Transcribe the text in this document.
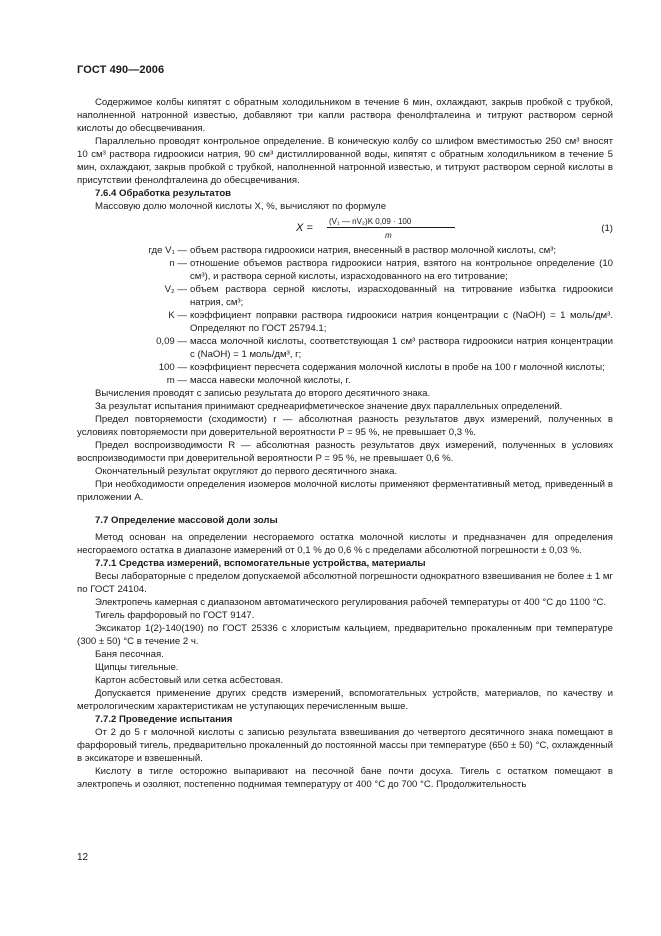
ГОСТ 490—2006

Содержимое колбы кипятят с обратным холодильником в течение 6 мин, охлаждают, закрыв пробкой с трубкой, наполненной натронной известью, добавляют три капли раствора фенолфталеина и титруют раствором серной кислоты до обесцвечивания.

Параллельно проводят контрольное определение. В коническую колбу со шлифом вместимостью 250 см³ вносят 10 см³ раствора гидроокиси натрия, 90 см³ дистиллированной воды, кипятят с обратным холодильником в течение 5 мин, охлаждают, закрыв пробкой с трубкой, наполненной натронной известью, и титруют раствором серной кислоты в присутствии фенолфталеина до обесцвечивания.

7.6.4 Обработка результатов

Массовую долю молочной кислоты X, %, вычисляют по формуле

X =
(V₁ — nV₂)K 0,09 · 100
m
(1)
где V₁ — объем раствора гидроокиси натрия, внесенный в раствор молочной кислоты, см³;
n — отношение объемов раствора гидроокиси натрия, взятого на контрольное определение (10 см³), и раствора серной кислоты, израсходованного на его титрование;
V₂ — объем раствора серной кислоты, израсходованный на титрование избытка гидроокиси натрия, см³;
K — коэффициент поправки раствора гидроокиси натрия концентрации c (NaOH) = 1 моль/дм³. Определяют по ГОСТ 25794.1;
0,09 — масса молочной кислоты, соответствующая 1 см³ раствора гидроокиси натрия концентрации c (NaOH) = 1 моль/дм³, г;
100 — коэффициент пересчета содержания молочной кислоты в пробе на 100 г молочной кислоты;
m — масса навески молочной кислоты, г.

Вычисления проводят с записью результата до второго десятичного знака.

За результат испытания принимают среднеарифметическое значение двух параллельных определений.

Предел повторяемости (сходимости) r — абсолютная разность результатов двух измерений, полученных в условиях повторяемости при доверительной вероятности P = 95 %, не превышает 0,3 %.

Предел воспроизводимости R — абсолютная разность результатов двух измерений, полученных в условиях воспроизводимости при доверительной вероятности P = 95 %, не превышает 0,6 %.

Окончательный результат округляют до первого десятичного знака.

При необходимости определения изомеров молочной кислоты применяют ферментативный метод, приведенный в приложении А.

7.7 Определение массовой доли золы

Метод основан на определении несгораемого остатка молочной кислоты и предназначен для определения несгораемого остатка в диапазоне измерений от 0,1 % до 0,6 % с пределами абсолютной погрешности ± 0,03 %.

7.7.1 Средства измерений, вспомогательные устройства, материалы

Весы лабораторные с пределом допускаемой абсолютной погрешности однократного взвешивания не более ± 1 мг по ГОСТ 24104.

Электропечь камерная с диапазоном автоматического регулирования рабочей температуры от 400 °С до 1100 °С.

Тигель фарфоровый по ГОСТ 9147.

Эксикатор 1(2)-140(190) по ГОСТ 25336 с хлористым кальцием, предварительно прокаленным при температуре (300 ± 50) °С в течение 2 ч.

Баня песочная.

Щипцы тигельные.

Картон асбестовый или сетка асбестовая.

Допускается применение других средств измерений, вспомогательных устройств, материалов, по качеству и метрологическим характеристикам не уступающих перечисленным выше.

7.7.2 Проведение испытания

От 2 до 5 г молочной кислоты с записью результата взвешивания до четвертого десятичного знака помещают в фарфоровый тигель, предварительно прокаленный до постоянной массы при температуре (650 ± 50) °С, охлажденный в эксикаторе и взвешенный.

Кислоту в тигле осторожно выпаривают на песочной бане почти досуха. Тигель с остатком помещают в электропечь и озоляют, постепенно поднимая температуру от 400 °С до 700 °С. Продолжительность

12
